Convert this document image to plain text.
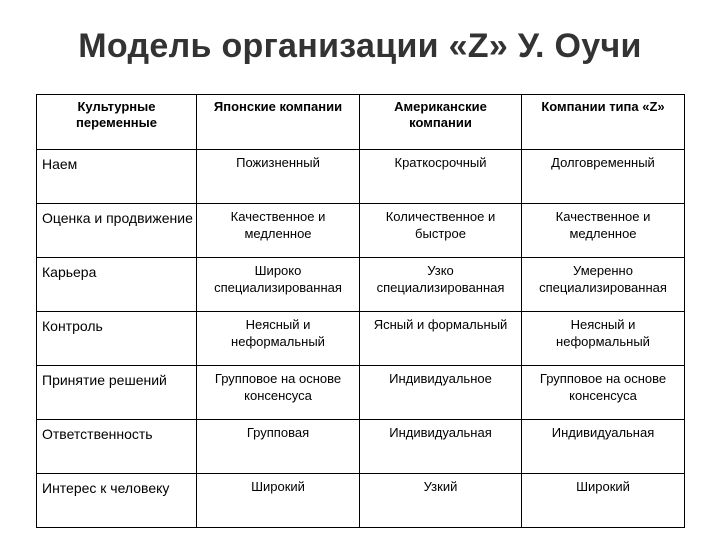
Модель организации «Z» У. Оучи
Культурные переменные	Японские компании	Американские компании	Компании типа «Z»
Наем	Пожизненный	Краткосрочный	Долговременный
Оценка и продвижение	Качественное и медленное	Количественное и быстрое	Качественное и медленное
Карьера	Широко специализированная	Узко специализированная	Умеренно специализированная
Контроль	Неясный и неформальный	Ясный и формальный	Неясный и неформальный
Принятие решений	Групповое на основе консенсуса	Индивидуальное	Групповое на основе консенсуса
Ответственность	Групповая	Индивидуальная	Индивидуальная
Интерес к человеку	Широкий	Узкий	Широкий
